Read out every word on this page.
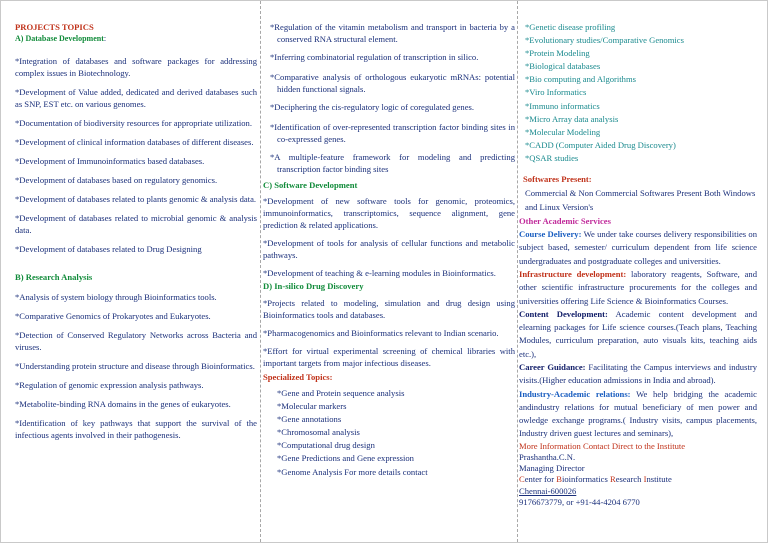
PROJECTS TOPICS

A) Database Development:

*Integration of databases and software packages for addressing complex issues in Biotechnology.

*Development of Value added, dedicated and derived databases such as SNP, EST etc. on various genomes.

*Documentation of biodiversity resources for appropriate utilization.

*Development of clinical information databases of different diseases.

*Development of Immunoinformatics based databases.

*Development of databases based on regulatory genomics.

*Development of databases related to plants genomic & analysis data.

*Development of databases related to microbial genomic & analysis data.

*Development of databases related to Drug Designing

B) Research Analysis

*Analysis of system biology through Bioinformatics tools.

*Comparative Genomics of Prokaryotes and Eukaryotes.

*Detection of Conserved Regulatory Networks across Bacteria and viruses.

*Understanding protein structure and disease through Bioinformatics.

*Regulation of genomic expression analysis pathways.

*Metabolite-binding RNA domains in the genes of eukaryotes.

*Identification of key pathways that support the survival of the infectious agents involved in their pathogenesis.

*Regulation of the vitamin metabolism and transport in bacteria by a conserved RNA structural element.

*Inferring combinatorial regulation of transcription in silico.

*Comparative analysis of orthologous eukaryotic mRNAs: potential hidden functional signals.

*Deciphering the cis-regulatory logic of coregulated genes.

*Identification of over-represented transcription factor binding sites in co-expressed genes.

*A multiple-feature framework for modeling and predicting transcription factor binding sites

C) Software Development

*Development of new software tools for genomic, proteomics, immunoinformatics, transcriptomics, sequence alignment, gene prediction & related applications.

*Development of tools for analysis of cellular functions and metabolic pathways.

*Development of teaching & e-learning modules in Bioinformatics.

D) In-silico Drug Discovery

*Projects related to modeling, simulation and drug design using Bioinformatics tools and databases.

*Pharmacogenomics and Bioinformatics relevant to Indian scenario.

*Effort for virtual experimental screening of chemical libraries with important targets from major infectious diseases.

Specialized Topics:

*Gene and Protein sequence analysis

*Molecular markers

*Gene annotations

*Chromosomal analysis

*Computational drug design

*Gene Predictions and Gene expression

*Genome Analysis For more details contact

*Genetic disease profiling

*Evolutionary studies/Comparative Genomics

*Protein Modeling

*Biological databases

*Bio computing and Algorithms

*Viro Informatics

*Immuno informatics

*Micro Array data analysis

*Molecular Modeling

*CADD (Computer Aided Drug Discovery)

*QSAR studies

Softwares Present:

Commercial & Non Commercial Softwares Present Both Windows and Linux Version's

Other Academic Services

Course Delivery: We under take courses delivery responsibilities on subject based, semester/ curriculum dependent from life science undergraduates and postgraduate colleges and universities.

Infrastructure development: laboratory reagents, Software, and other scientific infrastructure procurements for the colleges and universities offering Life Science & Bioinformatics Courses.

Content Development: Academic content development and elearning packages for Life science courses.(Teach plans, Teaching Modules, curriculum preparation, auto visuals kits, teaching aids etc.),

Career Guidance: Facilitating the Campus interviews and industry visits.(Higher education admissions in India and abroad).

Industry-Academic relations: We help bridging the academic andindustry relations for mutual beneficiary of men power and owledge exchange programs.( Industry visits, campus placements, Industry driven guest lectures and seminars),

More Information Contact Direct to the Institute

Prashantha.C.N.

Managing Director

Center for Bioinformatics Research Institute

Chennai-600026

9176673779, or +91-44-4204 6770
